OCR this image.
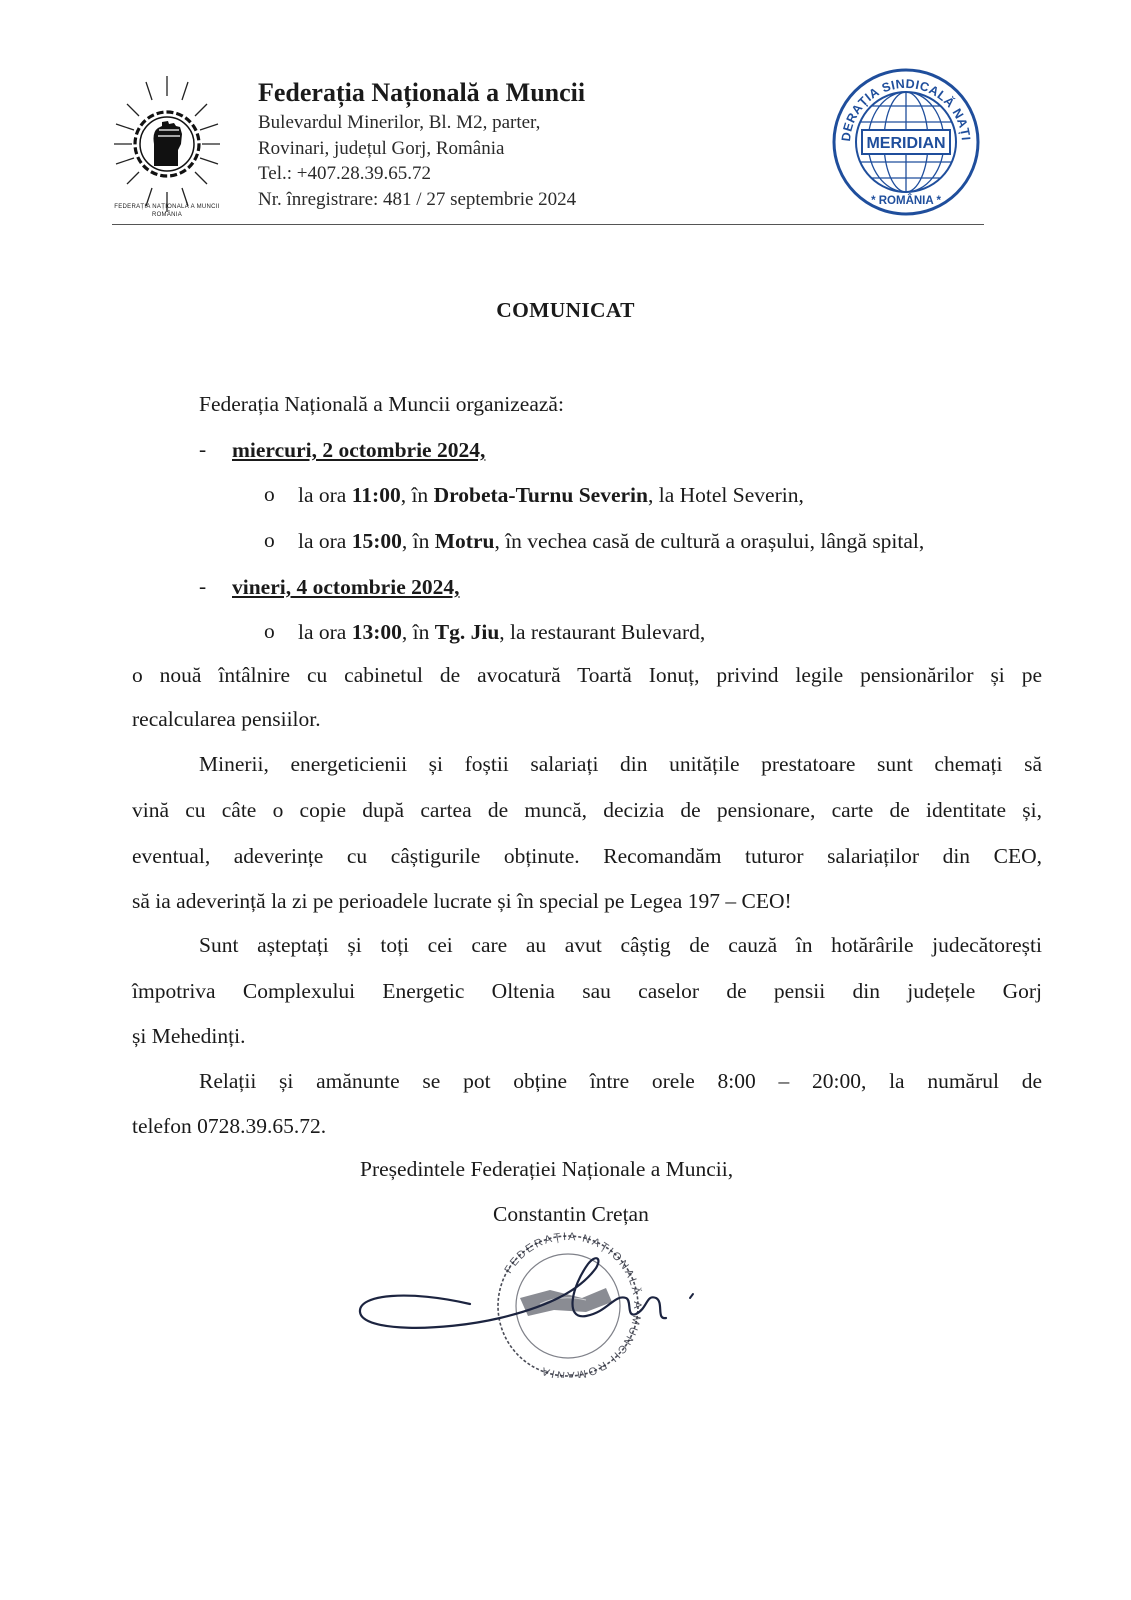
FEDERAȚIA NAȚIONALĂ A MUNCII
ROMÂNIA
Federația Națională a Muncii
Bulevardul Minerilor, Bl. M2, parter,
Rovinari, județul Gorj, România
Tel.: +407.28.39.65.72
Nr. înregistrare: 481 / 27 septembrie 2024
MERIDIAN
DERAȚIA SINDICALĂ NAȚI
* ROMÂNIA *
COMUNICAT
Federația Națională a Muncii organizează:
- miercuri, 2 octombrie 2024,
o la ora 11:00, în Drobeta-Turnu Severin, la Hotel Severin,
o la ora 15:00, în Motru, în vechea casă de cultură a orașului, lângă spital,
- vineri, 4 octombrie 2024,
o la ora 13:00, în Tg. Jiu, la restaurant Bulevard,
o nouă întâlnire cu cabinetul de avocatură Toartă Ionuț, privind legile pensionărilor și pe
recalcularea pensiilor.
Minerii, energeticienii și foștii salariați din unitățile prestatoare sunt chemați să
vină cu câte o copie după cartea de muncă, decizia de pensionare, carte de identitate și,
eventual, adeverințe cu câștigurile obținute. Recomandăm tuturor salariaților din CEO,
să ia adeverință la zi pe perioadele lucrate și în special pe Legea 197 – CEO!
Sunt așteptați și toți cei care au avut câștig de cauză în hotărârile judecătorești
împotriva Complexului Energetic Oltenia sau caselor de pensii din județele Gorj
și Mehedinți.
Relații și amănunte se pot obține între orele 8:00 – 20:00, la numărul de
telefon 0728.39.65.72.
Președintele Federației Naționale a Muncii,
Constantin Crețan
FEDERAȚIA NAȚIONALĂ A MUNCII ROMÂNIA
